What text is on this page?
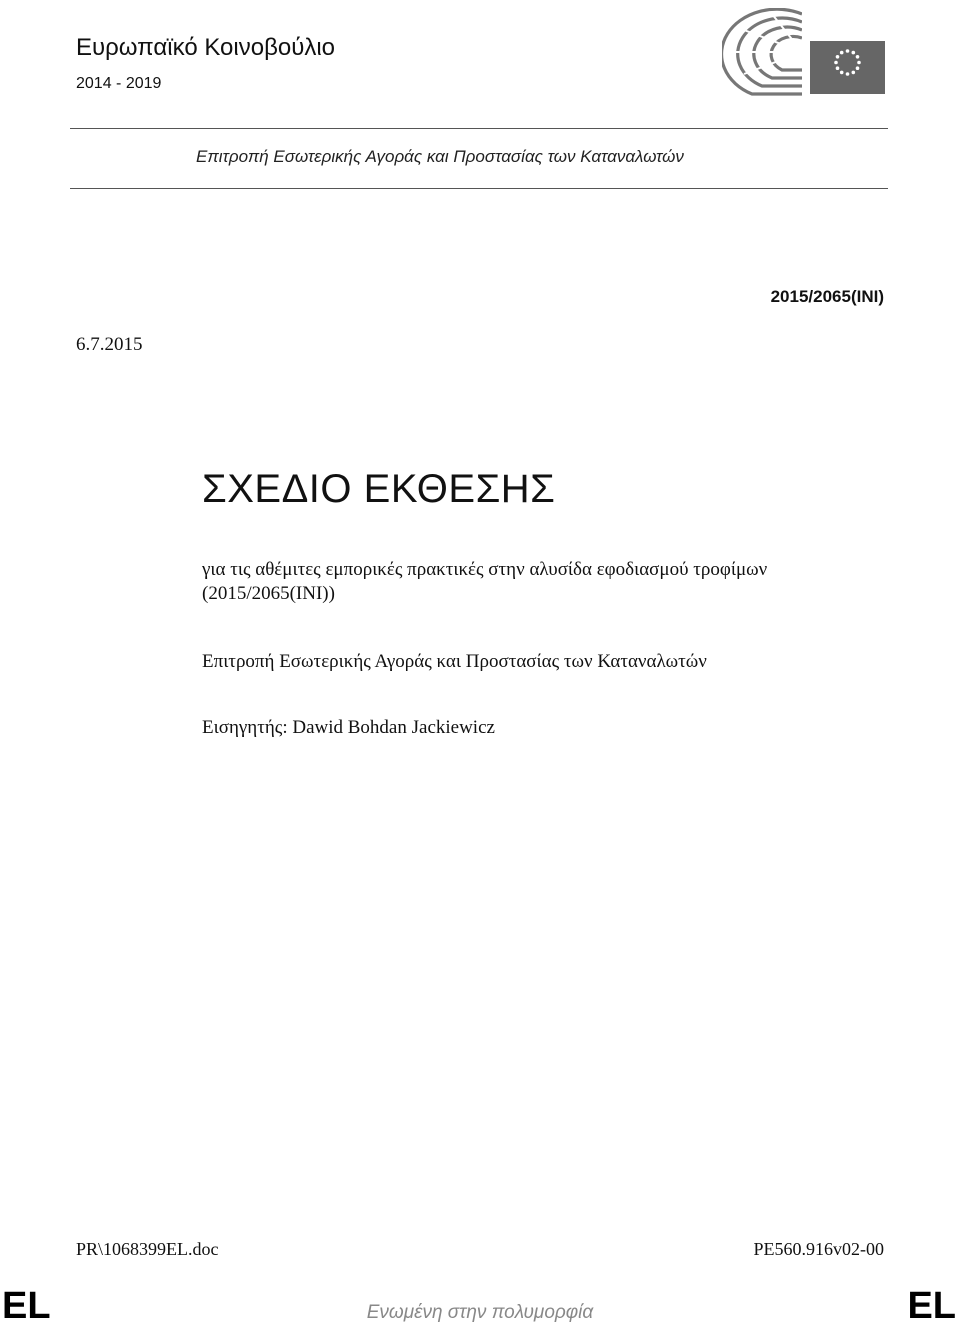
Ευρωπαϊκό Κοινοβούλιο
2014 - 2019
Επιτροπή Εσωτερικής Αγοράς και Προστασίας των Καταναλωτών
2015/2065(INI)
6.7.2015
ΣΧΕΔΙΟ ΕΚΘΕΣΗΣ
για τις αθέμιτες εμπορικές πρακτικές στην αλυσίδα εφοδιασμού τροφίμων
(2015/2065(INI))
Επιτροπή Εσωτερικής Αγοράς και Προστασίας των Καταναλωτών
Εισηγητής: Dawid Bohdan Jackiewicz
PR\1068399EL.doc	PE560.916v02-00
EL	EL
Ενωμένη στην πολυμορφία
